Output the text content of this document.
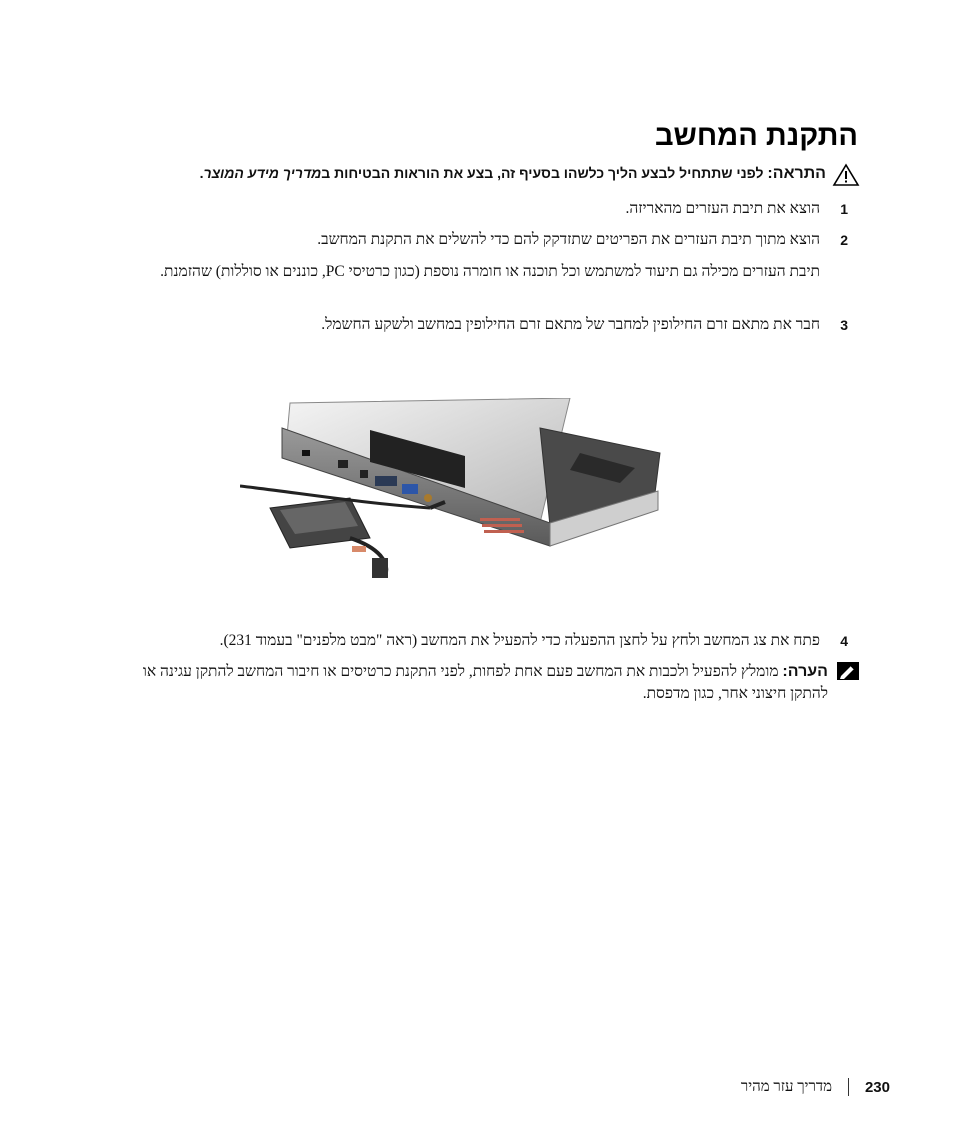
התקנת המחשב
התראה: לפני שתתחיל לבצע הליך כלשהו בסעיף זה, בצע את הוראות הבטיחות במדריך מידע המוצר.
1
הוצא את תיבת העזרים מהאריזה.
2
הוצא מתוך תיבת העזרים את הפריטים שתזדקק להם כדי להשלים את התקנת המחשב.
תיבת העזרים מכילה גם תיעוד למשתמש וכל תוכנה או חומרה נוספת (כגון כרטיסי PC, כוננים או סוללות) שהזמנת.
3
חבר את מתאם זרם החילופין למחבר של מתאם זרם החילופין במחשב ולשקע החשמל.
4
פתח את צג המחשב ולחץ על לחצן ההפעלה כדי להפעיל את המחשב (ראה "מבט מלפנים" בעמוד 231).
הערה: מומלץ להפעיל ולכבות את המחשב פעם אחת לפחות, לפני התקנת כרטיסים או חיבור המחשב להתקן עגינה או להתקן חיצוני אחר, כגון מדפסת.
מדריך עזר מהיר 230
